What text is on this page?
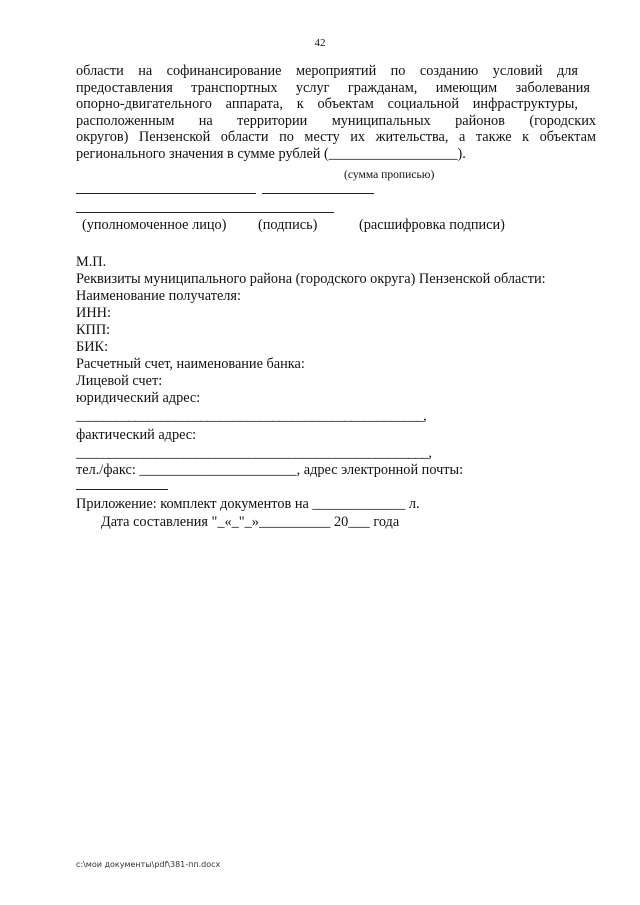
42
области на софинансирование мероприятий по созданию условий для
предоставления транспортных услуг гражданам, имеющим заболевания
опорно-двигательного аппарата, к объектам социальной инфраструктуры,
расположенным на территории муниципальных районов (городских
округов) Пензенской области по месту их жительства, а также к объектам
регионального значения в сумме рублей (__________________).
(сумма прописью)
(уполномоченное лицо) (подпись)	(расшифровка подписи)
М.П.
Реквизиты муниципального района (городского округа) Пензенской области:
Наименование получателя:
ИНН:
КПП:
БИК:
Расчетный счет, наименование банка:
Лицевой счет:
юридический адрес:
_____________________________________________________,
фактический адрес:
_____________________________________________________,
тел./факс: ______________________, адрес электронной почты:
Приложение: комплект документов на _____________ л.
Дата составления "_«_"_»__________ 20___ года
c:\мои документы\pdf\381-пп.docx
